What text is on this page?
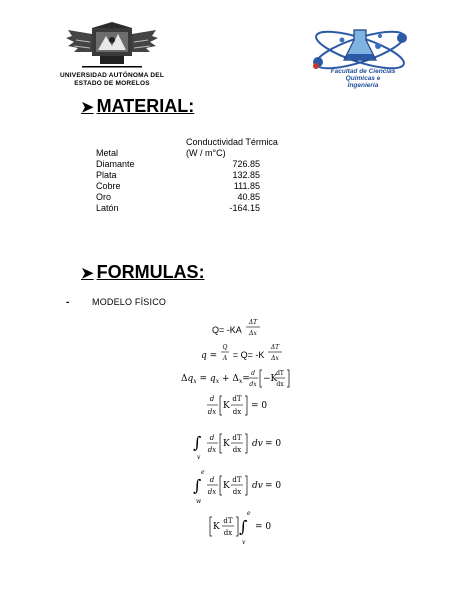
UNIVERSIDAD AUTÓNOMA DEL
ESTADO DE MORELOS
Facultad de Ciencias
Químicas e
Ingeniería
➤ MATERIAL:
Conductividad Térmica
Metal	(W / m°C)
Diamante	726.85
Plata	132.85
Cobre	111.85
Oro	40.85
Latón	-164.15
➤ FORMULAS:
-	MODELO FÍSICO
Q= -KA
ΔT
Δx
q =
Q
A = Q= -K
ΔT
Δx
$\Delta q_x = q_x + \Delta_x=$
d
dx
−K
dT
dx
d
dx
K
dT
dx
= 0
∫
v
d
dx
K
dT
dx
dv = 0
e
∫
w
d
dx
K
dT
dx
dv = 0
K
dT
dx
e
∫
v
= 0
